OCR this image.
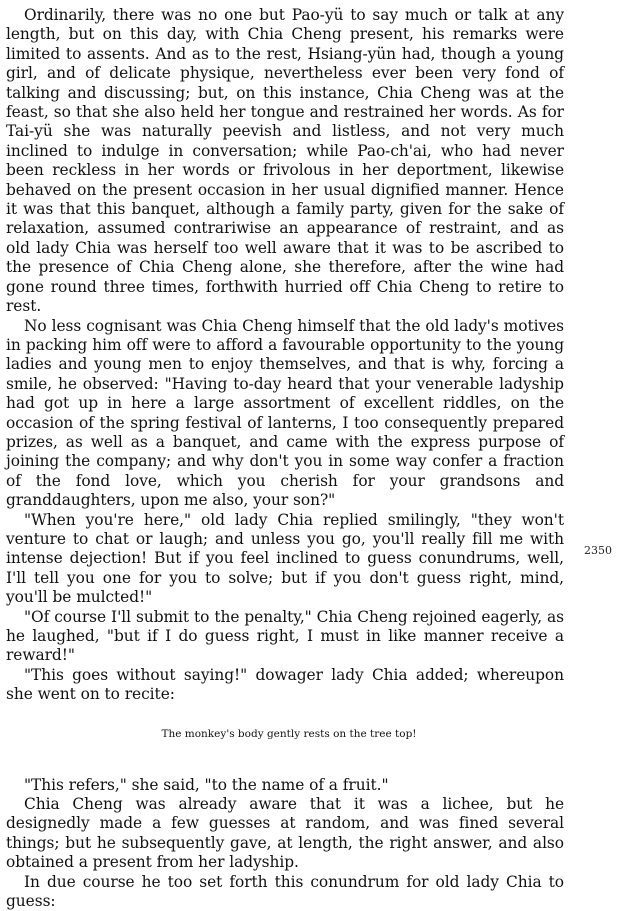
Ordinarily, there was no one but Pao-yü to say much or talk at any length, but on this day, with Chia Cheng present, his remarks were limited to assents. And as to the rest, Hsiang-yün had, though a young girl, and of delicate physique, nevertheless ever been very fond of talking and discussing; but, on this instance, Chia Cheng was at the feast, so that she also held her tongue and restrained her words. As for Tai-yü she was naturally peevish and listless, and not very much inclined to indulge in conversation; while Pao-ch'ai, who had never been reckless in her words or frivolous in her deportment, likewise behaved on the present occasion in her usual dignified manner. Hence it was that this banquet, although a family party, given for the sake of relaxation, assumed contrariwise an appearance of restraint, and as old lady Chia was herself too well aware that it was to be ascribed to the presence of Chia Cheng alone, she therefore, after the wine had gone round three times, forthwith hurried off Chia Cheng to retire to rest.

No less cognisant was Chia Cheng himself that the old lady's motives in packing him off were to afford a favourable opportunity to the young ladies and young men to enjoy themselves, and that is why, forcing a smile, he observed: "Having to-day heard that your venerable ladyship had got up in here a large assortment of excellent riddles, on the occasion of the spring festival of lanterns, I too consequently prepared prizes, as well as a banquet, and came with the express purpose of joining the company; and why don't you in some way confer a fraction of the fond love, which you cherish for your grandsons and granddaughters, upon me also, your son?"

"When you're here," old lady Chia replied smilingly, "they won't venture to chat or laugh; and unless you go, you'll really fill me with intense dejection! But if you feel inclined to guess conundrums, well, I'll tell you one for you to solve; but if you don't guess right, mind, you'll be mulcted!"

"Of course I'll submit to the penalty," Chia Cheng rejoined eagerly, as he laughed, "but if I do guess right, I must in like manner receive a reward!"

"This goes without saying!" dowager lady Chia added; whereupon she went on to recite:

The monkey's body gently rests on the tree top!

"This refers," she said, "to the name of a fruit."

Chia Cheng was already aware that it was a lichee, but he designedly made a few guesses at random, and was fined several things; but he subsequently gave, at length, the right answer, and also obtained a present from her ladyship.

In due course he too set forth this conundrum for old lady Chia to guess:

2350
